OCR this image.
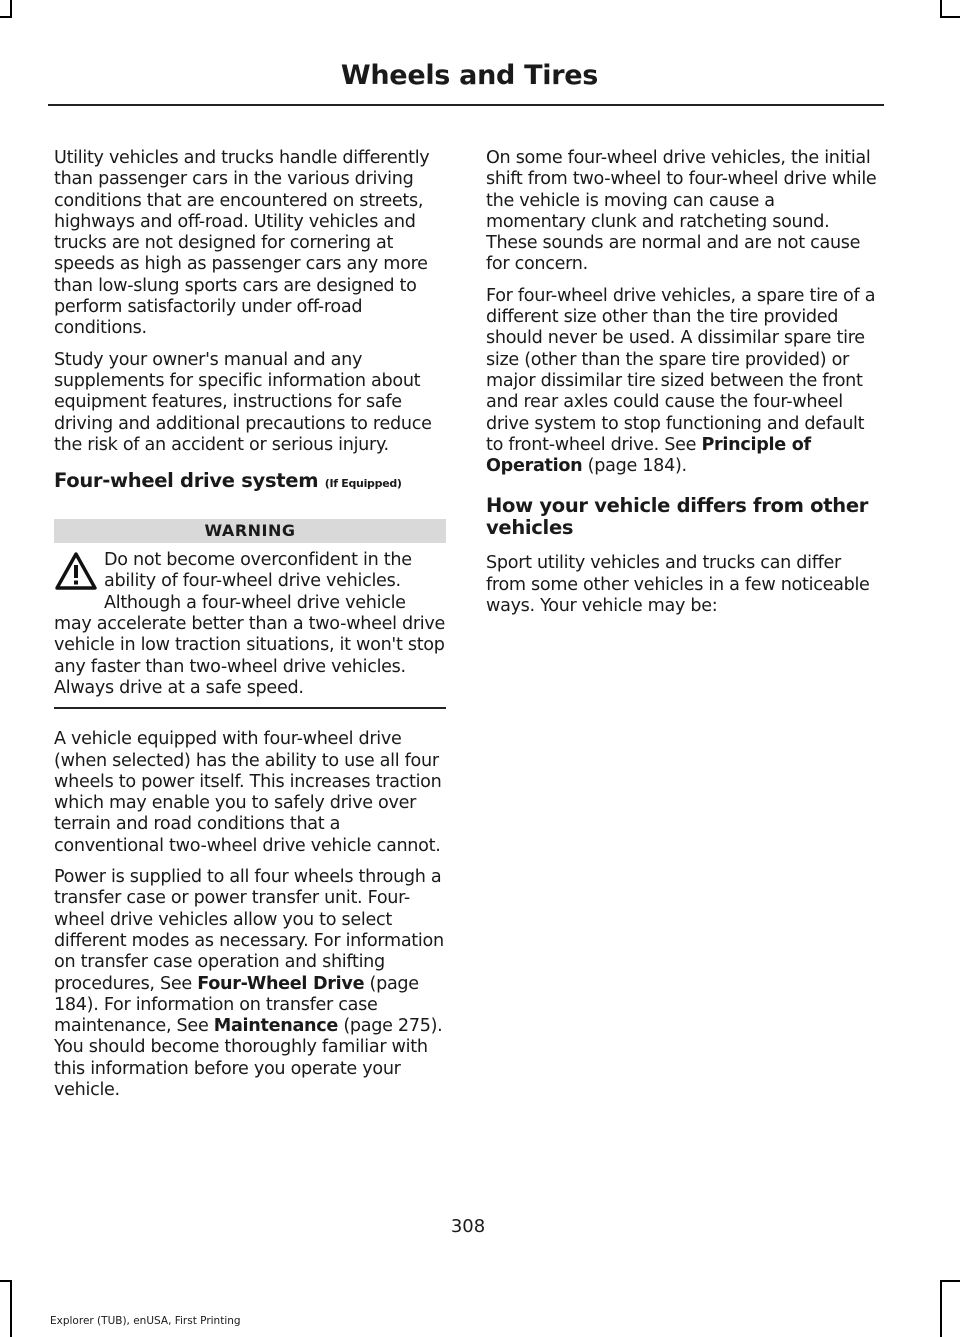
Wheels and Tires

Utility vehicles and trucks handle differently than passenger cars in the various driving conditions that are encountered on streets, highways and off-road. Utility vehicles and trucks are not designed for cornering at speeds as high as passenger cars any more than low-slung sports cars are designed to perform satisfactorily under off-road conditions.

Study your owner's manual and any supplements for specific information about equipment features, instructions for safe driving and additional precautions to reduce the risk of an accident or serious injury.

Four-wheel drive system (If Equipped)
WARNING

Do not become overconfident in the ability of four-wheel drive vehicles. Although a four-wheel drive vehicle may accelerate better than a two-wheel drive vehicle in low traction situations, it won't stop any faster than two-wheel drive vehicles. Always drive at a safe speed.

A vehicle equipped with four-wheel drive (when selected) has the ability to use all four wheels to power itself. This increases traction which may enable you to safely drive over terrain and road conditions that a conventional two-wheel drive vehicle cannot.

Power is supplied to all four wheels through a transfer case or power transfer unit. Four-wheel drive vehicles allow you to select different modes as necessary. For information on transfer case operation and shifting procedures, See Four-Wheel Drive (page 184). For information on transfer case maintenance, See Maintenance (page 275). You should become thoroughly familiar with this information before you operate your vehicle.

On some four-wheel drive vehicles, the initial shift from two-wheel to four-wheel drive while the vehicle is moving can cause a momentary clunk and ratcheting sound. These sounds are normal and are not cause for concern.

For four-wheel drive vehicles, a spare tire of a different size other than the tire provided should never be used. A dissimilar spare tire size (other than the spare tire provided) or major dissimilar tire sized between the front and rear axles could cause the four-wheel drive system to stop functioning and default to front-wheel drive. See Principle of Operation (page 184).

How your vehicle differs from other vehicles

Sport utility vehicles and trucks can differ from some other vehicles in a few noticeable ways. Your vehicle may be:

308
Explorer (TUB), enUSA, First Printing
